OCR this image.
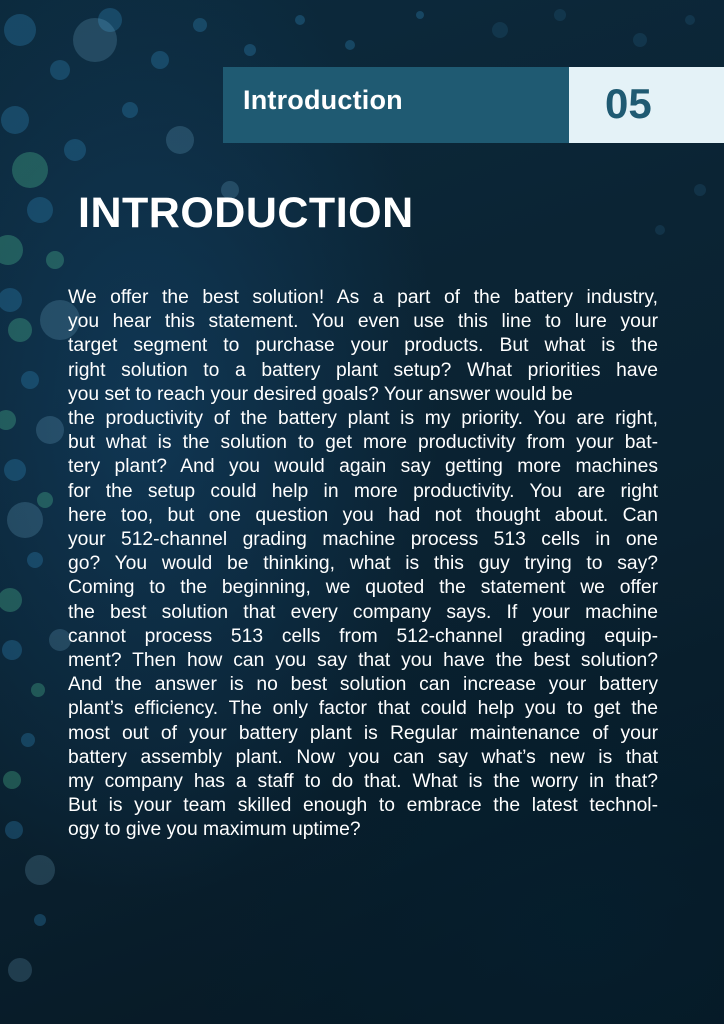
Introduction	05
INTRODUCTION
We offer the best solution! As a part of the battery industry,
you hear this statement. You even use this line to lure your
target segment to purchase your products. But what is the
right solution to a battery plant setup? What priorities have
you set to reach your desired goals? Your answer would be
the productivity of the battery plant is my priority. You are right,
but what is the solution to get more productivity from your bat-
tery plant? And you would again say getting more machines
for the setup could help in more productivity. You are right
here too, but one question you had not thought about. Can
your 512-channel grading machine process 513 cells in one
go? You would be thinking, what is this guy trying to say?
Coming to the beginning, we quoted the statement we offer
the best solution that every company says. If your machine
cannot process 513 cells from 512-channel grading equip-
ment? Then how can you say that you have the best solution?
And the answer is no best solution can increase your battery
plant’s efficiency. The only factor that could help you to get the
most out of your battery plant is Regular maintenance of your
battery assembly plant. Now you can say what’s new is that
my company has a staff to do that. What is the worry in that?
But is your team skilled enough to embrace the latest technol-
ogy to give you maximum uptime?
